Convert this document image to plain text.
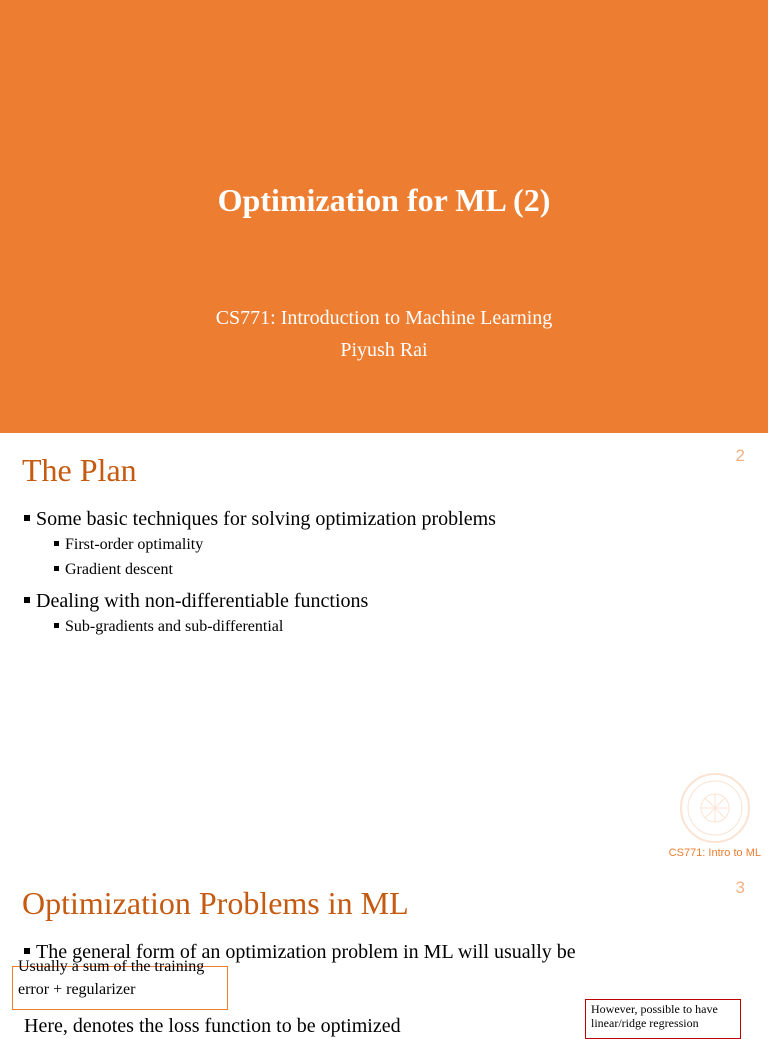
Optimization for ML (2)
CS771: Introduction to Machine Learning
Piyush Rai
The Plan	2
Some basic techniques for solving optimization problems
First-order optimality
Gradient descent
Dealing with non-differentiable functions
Sub-gradients and sub-differential
CS771: Intro to ML
Optimization Problems in ML	3
The general form of an optimization problem in ML will usually be
Usually a sum of the training error + regularizer
However, possible to have linear/ridge regression
Here, denotes the loss function to be optimized
